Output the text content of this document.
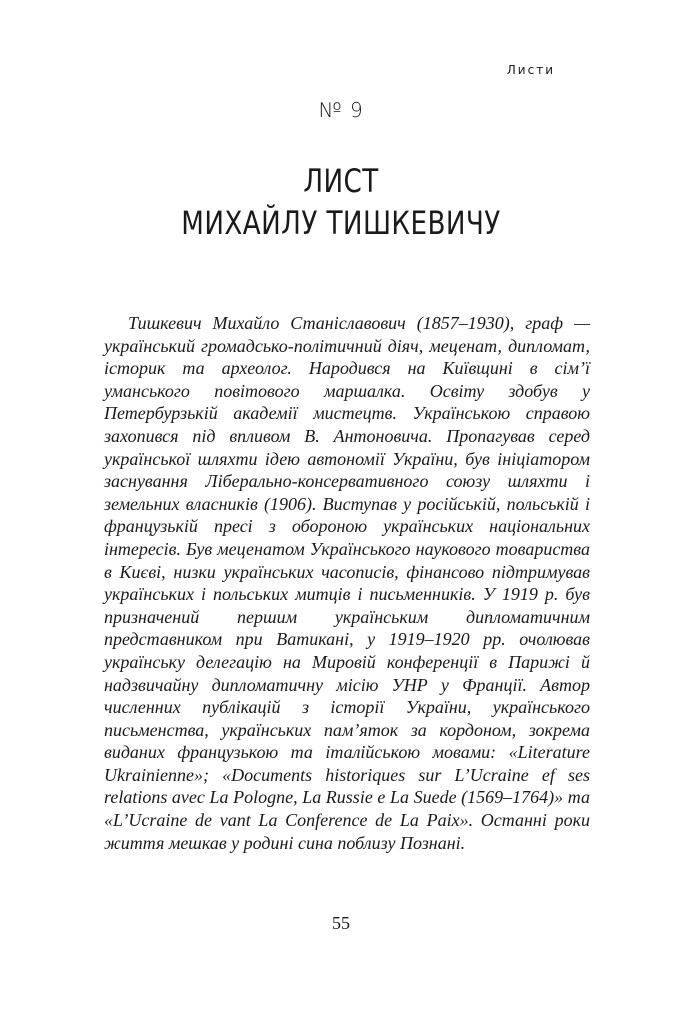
Листи
№ 9
ЛИСТ
МИХАЙЛУ ТИШКЕВИЧУ

Тишкевич Михайло Станіславович (1857–1930), граф — український громадсько-політичний діяч, меценат, дипломат, історик та археолог. Народився на Київщині в сім’ї уманського повітового маршалка. Освіту здобув у Петербурзькій академії мистецтв. Українською справою захопився під впливом В. Антоновича. Пропагував серед української шляхти ідею автономії України, був ініціатором заснування Ліберально-консервативного союзу шляхти і земельних власників (1906). Виступав у російській, польській і французькій пресі з обороною українських національних інтересів. Був меценатом Українського наукового товариства в Києві, низки українських часописів, фінансово підтримував українських і польських митців і письменників. У 1919 р. був призначений першим українським дипломатичним представником при Ватикані, у 1919–1920 рр. очолював українську делегацію на Мировій конференції в Парижі й надзвичайну дипломатичну місію УНР у Франції. Автор численних публікацій з історії України, українського письменства, українських пам’яток за кордоном, зокрема виданих французькою та італійською мовами: «Literature Ukrainienne»; «Documents historiques sur L’Ucraine ef ses relations avec La Pologne, La Russie e La Suede (1569–1764)» та «L’Ucraine de vant La Conference de La Paix». Останні роки життя мешкав у родині сина поблизу Познані.

55
